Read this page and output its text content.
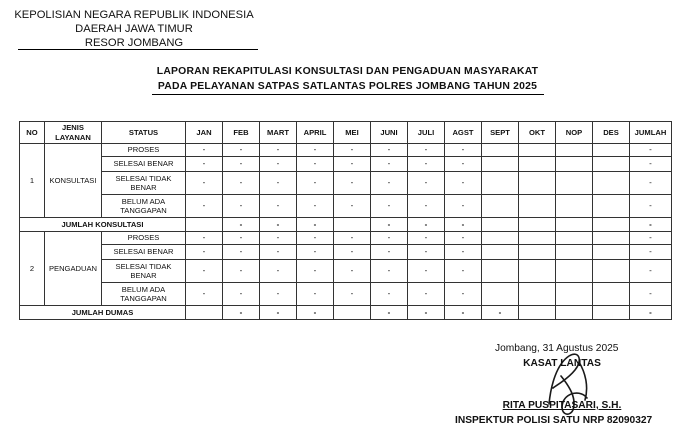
KEPOLISIAN NEGARA REPUBLIK INDONESIA
DAERAH JAWA TIMUR
RESOR JOMBANG
LAPORAN REKAPITULASI KONSULTASI DAN PENGADUAN MASYARAKAT
PADA PELAYANAN SATPAS SATLANTAS POLRES JOMBANG TAHUN 2025
NO	JENIS LAYANAN	STATUS	JAN	FEB	MART	APRIL	MEI	JUNI	JULI	AGST	SEPT	OKT	NOP	DES	JUMLAH
1	KONSULTASI	PROSES	-	-	-	-	-	-	-	-					-
		SELESAI BENAR	-	-	-	-	-	-	-	-					-
		SELESAI TIDAK BENAR	-	-	-	-	-	-	-	-					-
		BELUM ADA TANGGAPAN	-	-	-	-	-	-	-	-					-
JUMLAH KONSULTASI				-	-	-		-	-	-					-
2	PENGADUAN	PROSES	-	-	-	-	-	-	-	-					-
		SELESAI BENAR	-	-	-	-	-	-	-	-					-
		SELESAI TIDAK BENAR	-	-	-	-	-	-	-	-					-
		BELUM ADA TANGGAPAN	-	-	-	-	-	-	-	-					-
JUMLAH DUMAS				-	-	-		-	-	-	-				-
Jombang, 31 Agustus 2025
KASAT LANTAS
RITA PUSPITASARI, S.H.
INSPEKTUR POLISI SATU NRP 82090327
